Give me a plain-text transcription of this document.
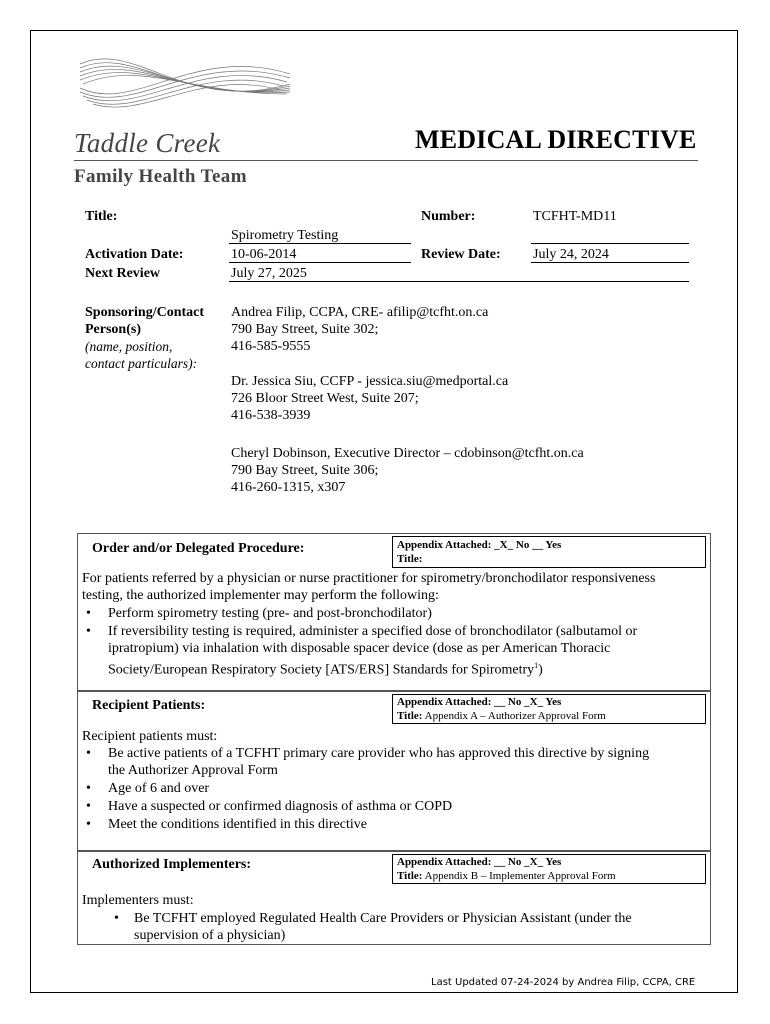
Taddle Creek
Family Health Team
MEDICAL DIRECTIVE
Title:
Spirometry Testing
Number:	TCFHT-MD11
Activation Date:	10-06-2014	Review Date: July 24, 2024
Next Review	July 27, 2025
Sponsoring/Contact
Person(s)
(name, position,
contact particulars):
Andrea Filip, CCPA, CRE- afilip@tcfht.on.ca
790 Bay Street, Suite 302;
416-585-9555
Dr. Jessica Siu, CCFP - jessica.siu@medportal.ca
726 Bloor Street West, Suite 207;
416-538-3939
Cheryl Dobinson, Executive Director – cdobinson@tcfht.on.ca
790 Bay Street, Suite 306;
416-260-1315, x307
Order and/or Delegated Procedure:	Appendix Attached: _X_ No __ Yes
Title:
For patients referred by a physician or nurse practitioner for spirometry/bronchodilator responsiveness
testing, the authorized implementer may perform the following:
• Perform spirometry testing (pre- and post-bronchodilator)
• If reversibility testing is required, administer a specified dose of bronchodilator (salbutamol or
ipratropium) via inhalation with disposable spacer device (dose as per American Thoracic
Society/European Respiratory Society [ATS/ERS] Standards for Spirometry$^1$)
Recipient Patients:	Appendix Attached: __ No _X_ Yes
Title: Appendix A – Authorizer Approval Form
Recipient patients must:
• Be active patients of a TCFHT primary care provider who has approved this directive by signing
the Authorizer Approval Form
• Age of 6 and over
• Have a suspected or confirmed diagnosis of asthma or COPD
• Meet the conditions identified in this directive
Authorized Implementers:	Appendix Attached: __ No _X_ Yes
Title: Appendix B – Implementer Approval Form
Implementers must:
• Be TCFHT employed Regulated Health Care Providers or Physician Assistant (under the
supervision of a physician)
Last Updated 07-24-2024 by Andrea Filip, CCPA, CRE
